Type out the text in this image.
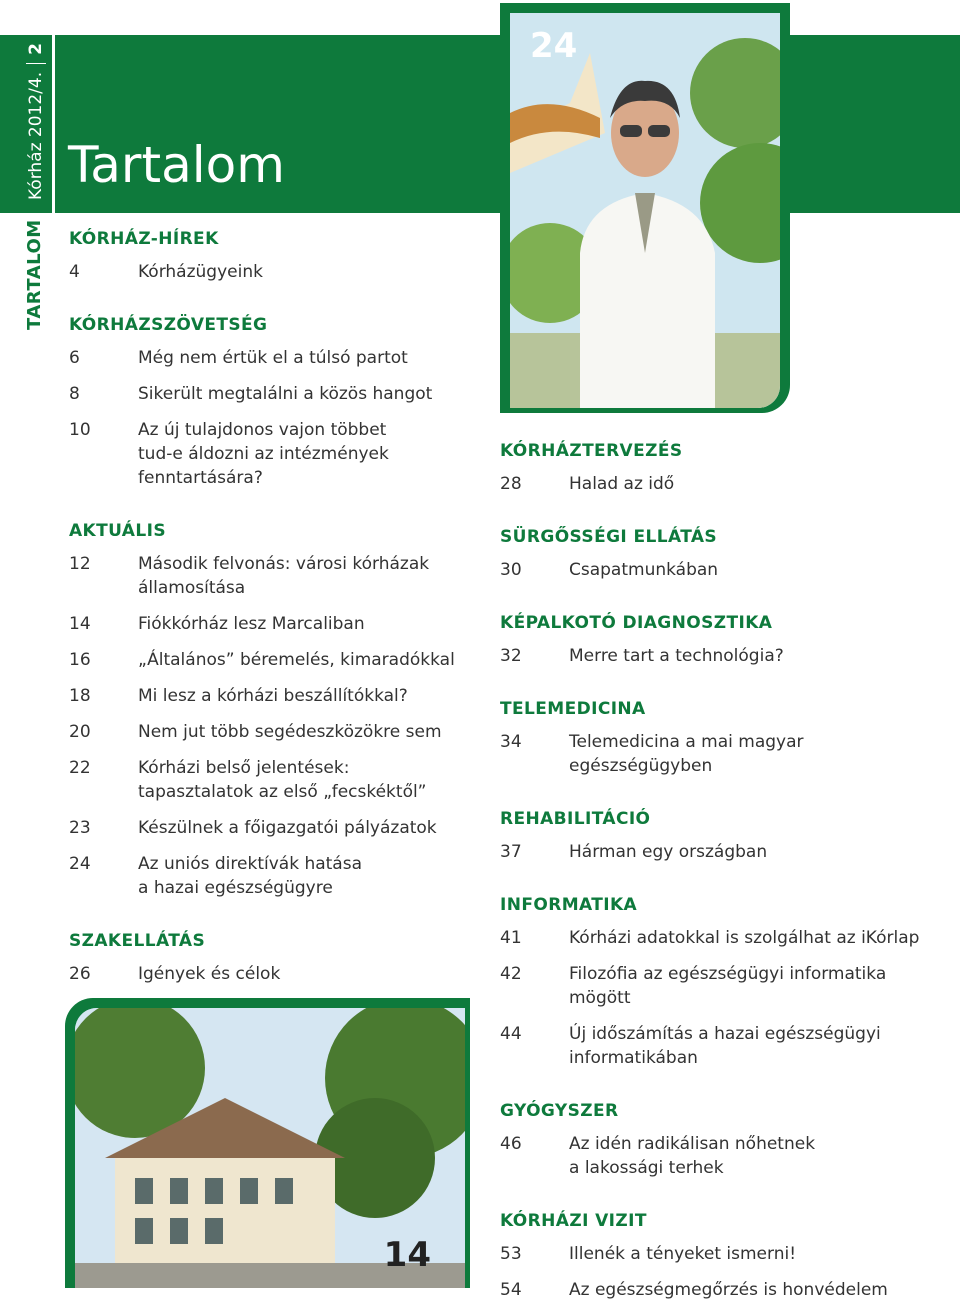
Kórház 2012/4.
2
TARTALOM
Tartalom
24
14
KÓRHÁZ-HÍREK
4	Kórházügyeink
KÓRHÁZSZÖVETSÉG
6	Még nem értük el a túlsó partot
8	Sikerült megtalálni a közös hangot
10	Az új tulajdonos vajon többet
tud-e áldozni az intézmények
fenntartására?
AKTUÁLIS
12	Második felvonás: városi kórházak
államosítása
14	Fiókkórház lesz Marcaliban
16	„Általános” béremelés, kimaradókkal
18	Mi lesz a kórházi beszállítókkal?
20	Nem jut több segédeszközökre sem
22	Kórházi belső jelentések:
tapasztalatok az első „fecskéktől”
23	Készülnek a főigazgatói pályázatok
24	Az uniós direktívák hatása
a hazai egészségügyre
SZAKELLÁTÁS
26	Igények és célok
KÓRHÁZTERVEZÉS
28	Halad az idő
SÜRGŐSSÉGI ELLÁTÁS
30	Csapatmunkában
KÉPALKOTÓ DIAGNOSZTIKA
32	Merre tart a technológia?
TELEMEDICINA
34	Telemedicina a mai magyar
egészségügyben
REHABILITÁCIÓ
37	Hárman egy országban
INFORMATIKA
41	Kórházi adatokkal is szolgálhat az iKórlap
42	Filozófia az egészségügyi informatika
mögött
44	Új időszámítás a hazai egészségügyi
informatikában
GYÓGYSZER
46	Az idén radikálisan nőhetnek
a lakossági terhek
KÓRHÁZI VIZIT
53	Illenék a tényeket ismerni!
54	Az egészségmegőrzés is honvédelem
